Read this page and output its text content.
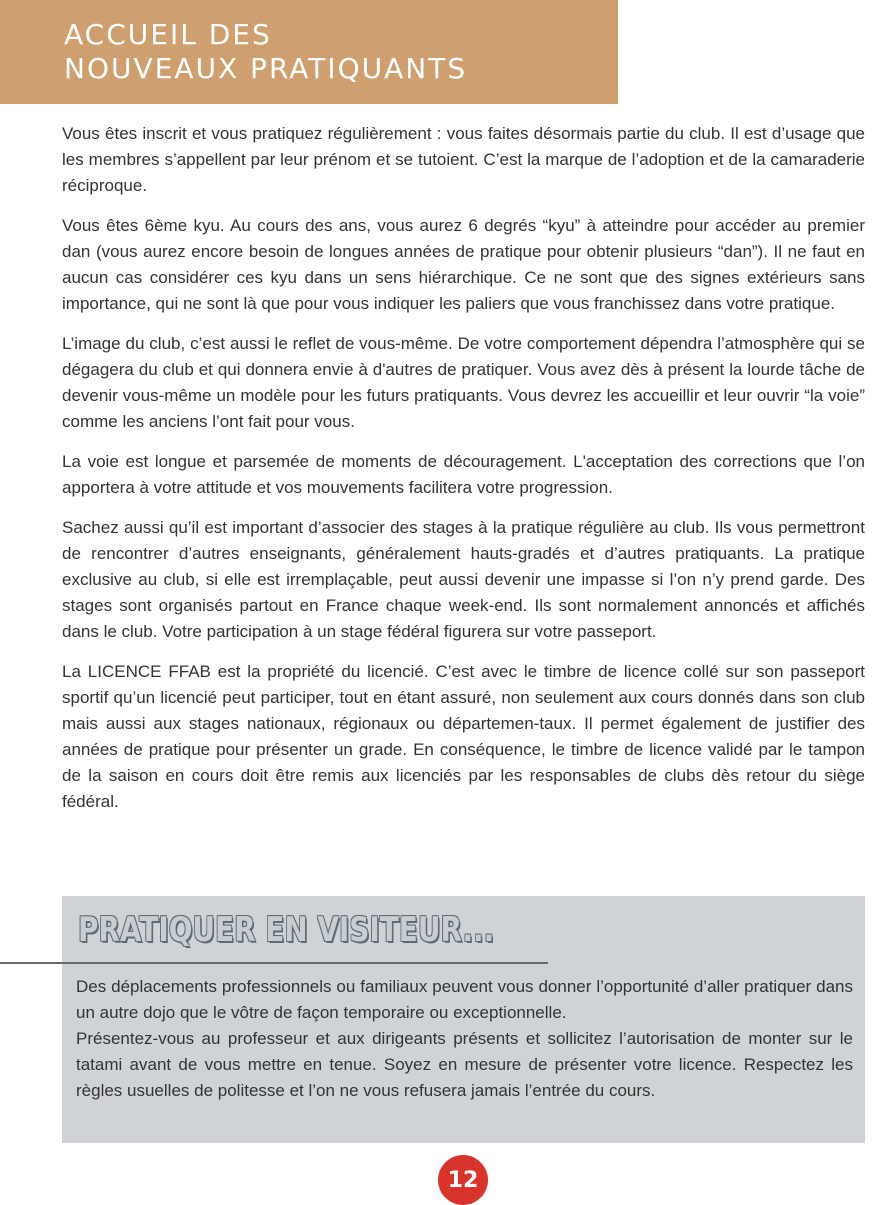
ACCUEIL DES
NOUVEAUX PRATIQUANTS

Vous êtes inscrit et vous pratiquez régulièrement : vous faites désormais partie du club. Il est d’usage que les membres s’appellent par leur prénom et se tutoient. C’est la marque de l’adoption et de la camaraderie réciproque.

Vous êtes 6ème kyu. Au cours des ans, vous aurez 6 degrés “kyu” à atteindre pour accéder au premier dan (vous aurez encore besoin de longues années de pratique pour obtenir plusieurs “dan”). Il ne faut en aucun cas considérer ces kyu dans un sens hiérarchique. Ce ne sont que des signes extérieurs sans importance, qui ne sont là que pour vous indiquer les paliers que vous franchissez dans votre pratique.

L’image du club, c’est aussi le reflet de vous-même. De votre comportement dépendra l’atmosphère qui se dégagera du club et qui donnera envie à d'autres de pratiquer. Vous avez dès à présent la lourde tâche de devenir vous-même un modèle pour les futurs pratiquants. Vous devrez les accueillir et leur ouvrir “la voie” comme les anciens l’ont fait pour vous.

La voie est longue et parsemée de moments de découragement. L'acceptation des corrections que l’on apportera à votre attitude et vos mouvements facilitera votre progression.

Sachez aussi qu’il est important d’associer des stages à la pratique régulière au club. Ils vous permettront de rencontrer d’autres enseignants, généralement hauts-gradés et d’autres pratiquants. La pratique exclusive au club, si elle est irremplaçable, peut aussi devenir une impasse si l’on n’y prend garde. Des stages sont organisés partout en France chaque week-end. Ils sont normalement annoncés et affichés dans le club. Votre participation à un stage fédéral figurera sur votre passeport.

La LICENCE FFAB est la propriété du licencié. C’est avec le timbre de licence collé sur son passeport sportif qu’un licencié peut participer, tout en étant assuré, non seulement aux cours donnés dans son club mais aussi aux stages nationaux, régionaux ou départemen-taux. Il permet également de justifier des années de pratique pour présenter un grade. En conséquence, le timbre de licence validé par le tampon de la saison en cours doit être remis aux licenciés par les responsables de clubs dès retour du siège fédéral.

PRATIQUER EN VISITEUR...

Des déplacements professionnels ou familiaux peuvent vous donner l’opportunité d’aller pratiquer dans un autre dojo que le vôtre de façon temporaire ou exceptionnelle.

Présentez-vous au professeur et aux dirigeants présents et sollicitez l’autorisation de monter sur le tatami avant de vous mettre en tenue. Soyez en mesure de présenter votre licence. Respectez les règles usuelles de politesse et l’on ne vous refusera jamais l’entrée du cours.

12
